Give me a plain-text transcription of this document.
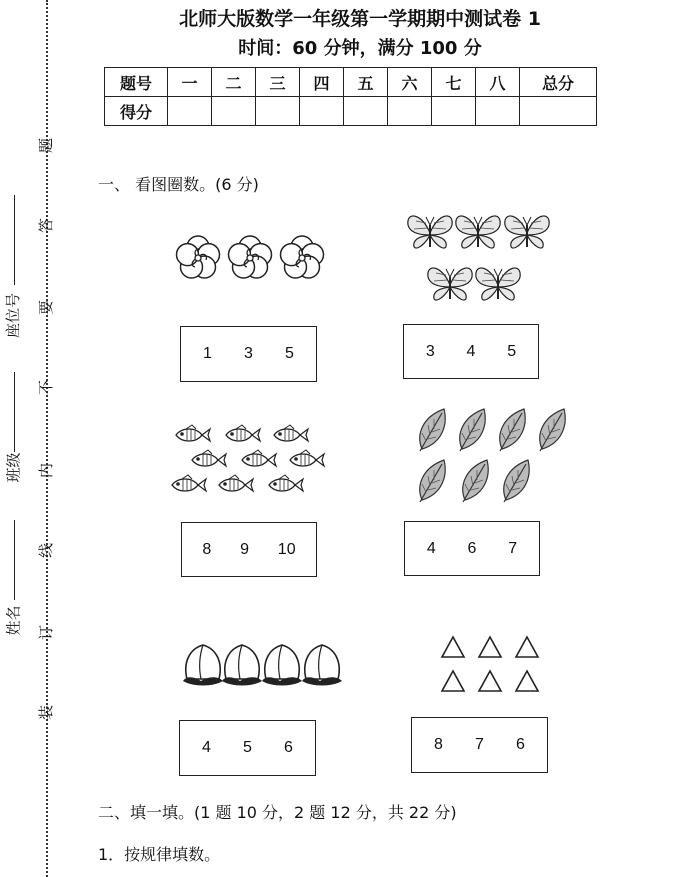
姓名
班级
座位号
题
答
要
不
内
线
订
装
北师大版数学一年级第一学期期中测试卷 1
时间：60 分钟，满分 100 分
题号	一	二	三	四	五	六	七	八	总分
得分									
一、 看图圈数。(6 分)
1 3 5	3 4 5
8 9 10	4 6 7
4 5 6	8 7 6
二、填一填。(1 题 10 分，2 题 12 分，共 22 分)
1．按规律填数。
